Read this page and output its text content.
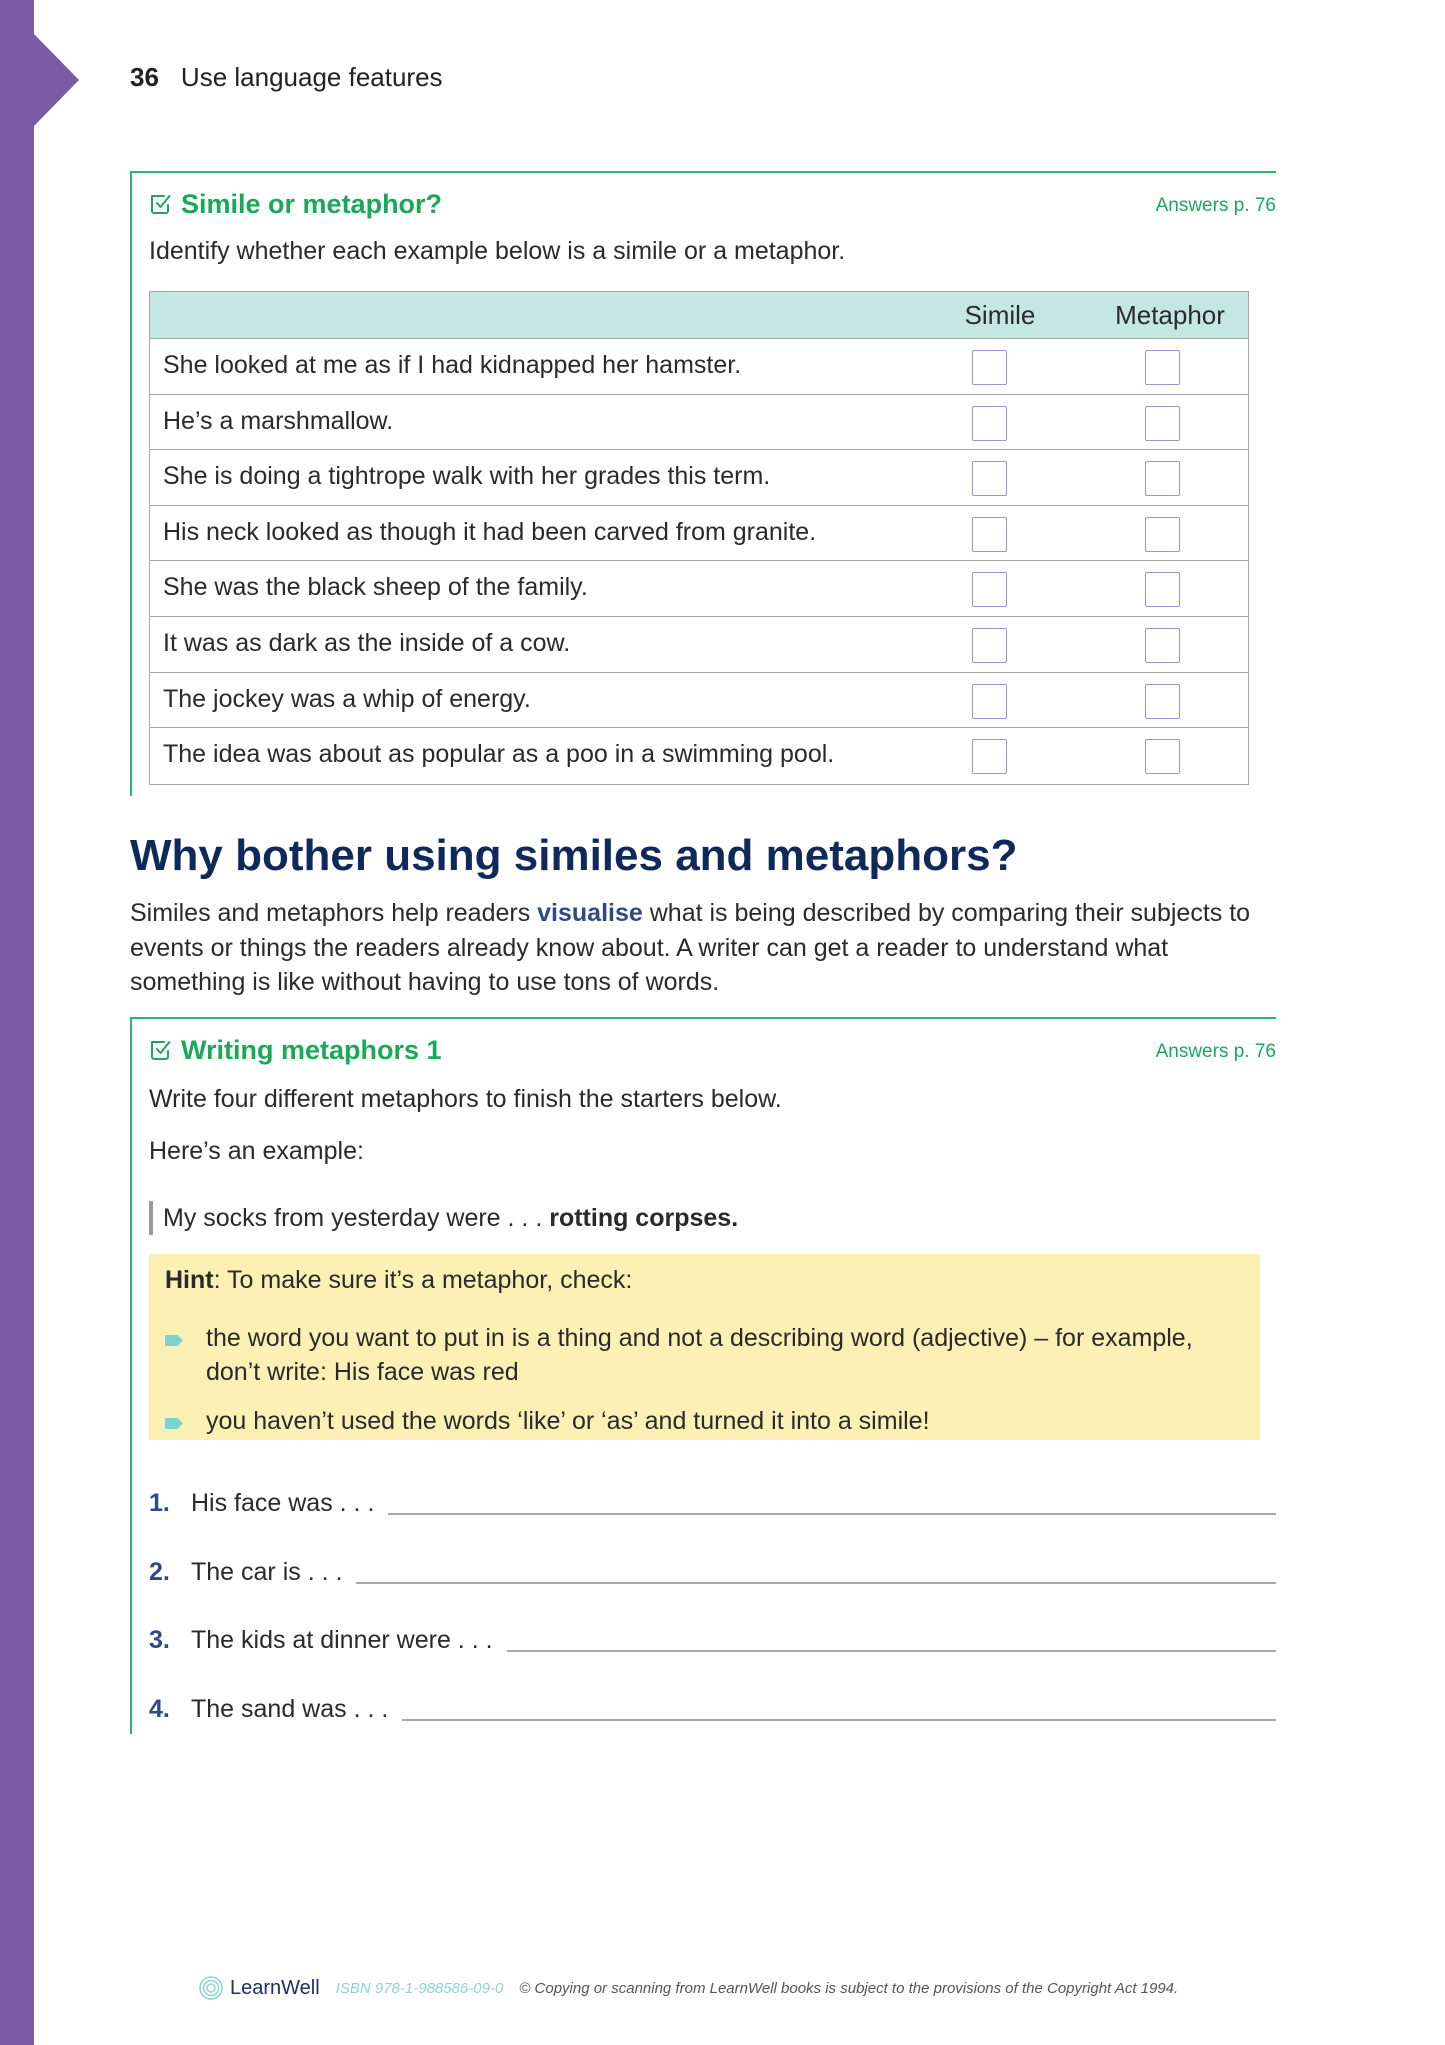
36 Use language features
Simile or metaphor?	Answers p. 76
Identify whether each example below is a simile or a metaphor.
Simile	Metaphor
She looked at me as if I had kidnapped her hamster.
He’s a marshmallow.
She is doing a tightrope walk with her grades this term.
His neck looked as though it had been carved from granite.
She was the black sheep of the family.
It was as dark as the inside of a cow.
The jockey was a whip of energy.
The idea was about as popular as a poo in a swimming pool.
Why bother using similes and metaphors?

Similes and metaphors help readers visualise what is being described by comparing their subjects to events or things the readers already know about. A writer can get a reader to understand what something is like without having to use tons of words.

Writing metaphors 1	Answers p. 76
Write four different metaphors to finish the starters below.
Here’s an example:
My socks from yesterday were . . . rotting corpses.
Hint: To make sure it’s a metaphor, check:
the word you want to put in is a thing and not a describing word (adjective) – for example, don’t write: His face was red
you haven’t used the words ‘like’ or ‘as’ and turned it into a simile!
1. His face was . . .
2. The car is . . .
3. The kids at dinner were . . .
4. The sand was . . .
LearnWell ISBN 978-1-988586-09-0 © Copying or scanning from LearnWell books is subject to the provisions of the Copyright Act 1994.
